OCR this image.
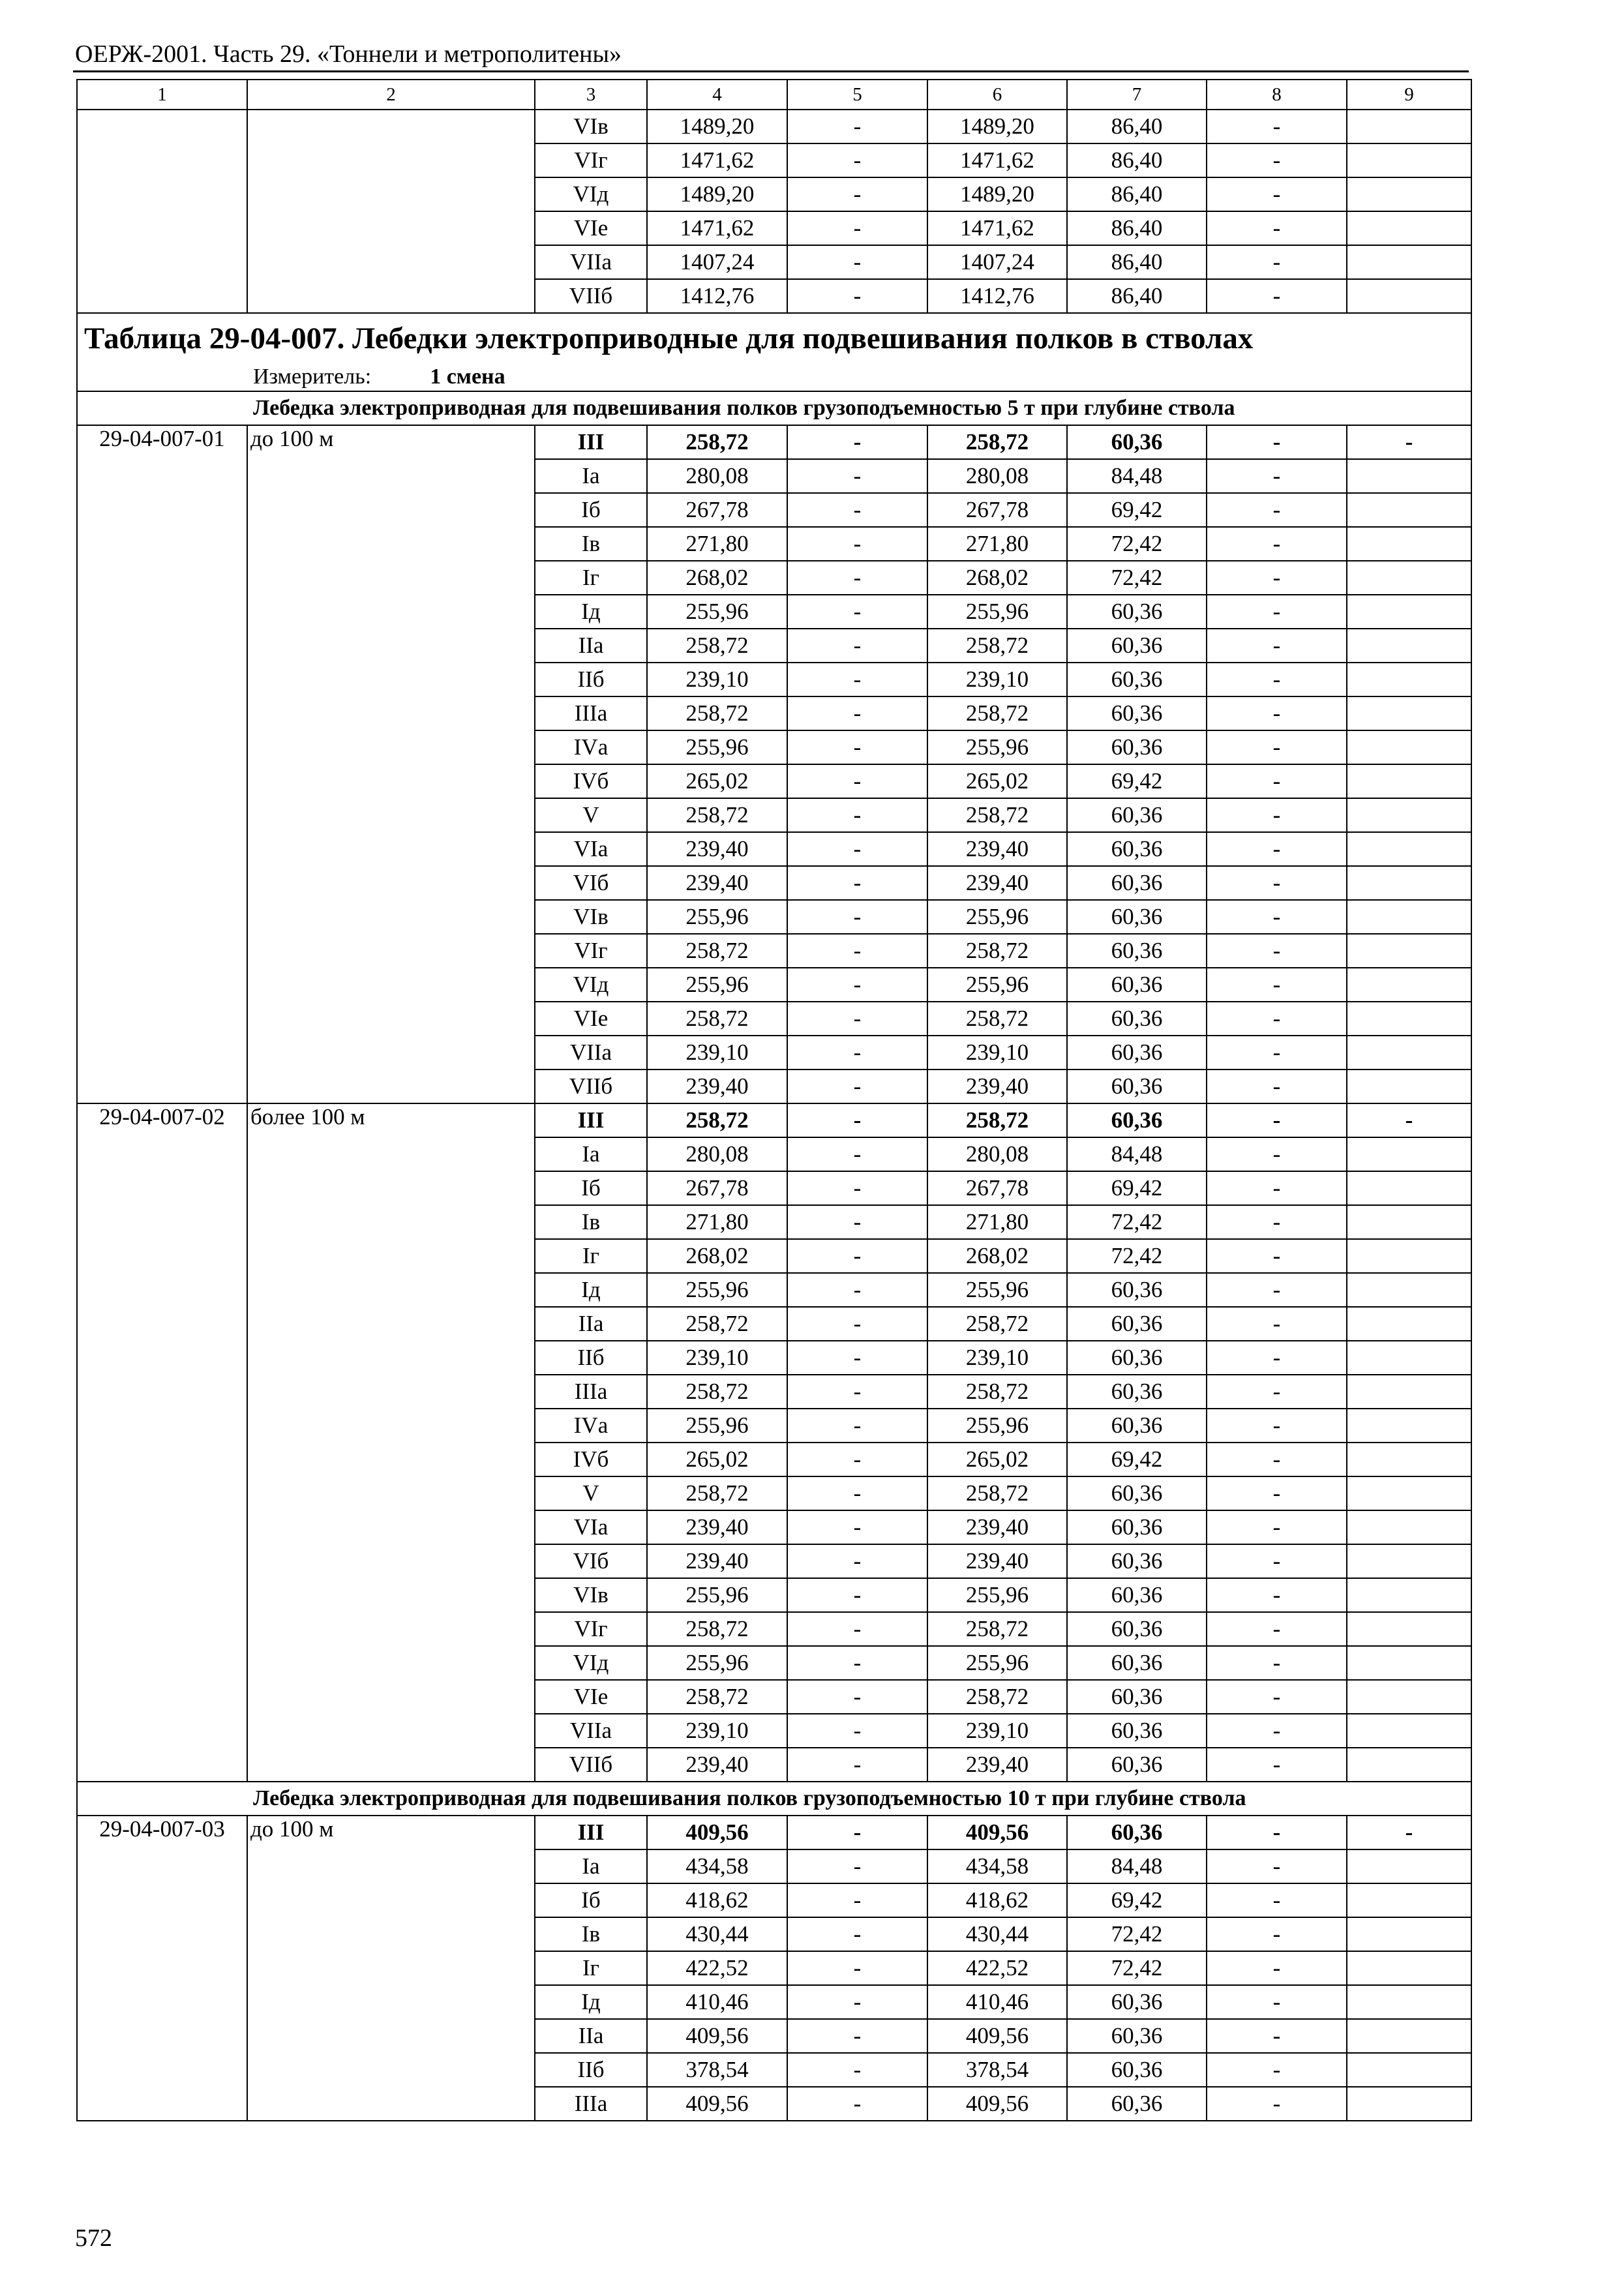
ОЕРЖ-2001. Часть 29. «Тоннели и метрополитены»
1	2	3	4	5	6	7	8	9
		VIв	1489,20	-	1489,20	86,40	-	
		VIг	1471,62	-	1471,62	86,40	-	
		VIд	1489,20	-	1489,20	86,40	-	
		VIе	1471,62	-	1471,62	86,40	-	
		VIIа	1407,24	-	1407,24	86,40	-	
		VIIб	1412,76	-	1412,76	86,40	-	
Таблица 29-04-007. Лебедки электроприводные для подвешивания полков в стволах								
Измеритель: 1 смена								
Лебедка электроприводная для подвешивания полков грузоподъемностью 5 т при глубине ствола								
29-04-007-01	до 100 м	III	258,72	-	258,72	60,36	-	-
		Iа	280,08	-	280,08	84,48	-	
		Iб	267,78	-	267,78	69,42	-	
		Iв	271,80	-	271,80	72,42	-	
		Iг	268,02	-	268,02	72,42	-	
		Iд	255,96	-	255,96	60,36	-	
		IIа	258,72	-	258,72	60,36	-	
		IIб	239,10	-	239,10	60,36	-	
		IIIа	258,72	-	258,72	60,36	-	
		IVа	255,96	-	255,96	60,36	-	
		IVб	265,02	-	265,02	69,42	-	
		V	258,72	-	258,72	60,36	-	
		VIа	239,40	-	239,40	60,36	-	
		VIб	239,40	-	239,40	60,36	-	
		VIв	255,96	-	255,96	60,36	-	
		VIг	258,72	-	258,72	60,36	-	
		VIд	255,96	-	255,96	60,36	-	
		VIе	258,72	-	258,72	60,36	-	
		VIIа	239,10	-	239,10	60,36	-	
		VIIб	239,40	-	239,40	60,36	-	
29-04-007-02	более 100 м	III	258,72	-	258,72	60,36	-	-
		Iа	280,08	-	280,08	84,48	-	
		Iб	267,78	-	267,78	69,42	-	
		Iв	271,80	-	271,80	72,42	-	
		Iг	268,02	-	268,02	72,42	-	
		Iд	255,96	-	255,96	60,36	-	
		IIа	258,72	-	258,72	60,36	-	
		IIб	239,10	-	239,10	60,36	-	
		IIIа	258,72	-	258,72	60,36	-	
		IVа	255,96	-	255,96	60,36	-	
		IVб	265,02	-	265,02	69,42	-	
		V	258,72	-	258,72	60,36	-	
		VIа	239,40	-	239,40	60,36	-	
		VIб	239,40	-	239,40	60,36	-	
		VIв	255,96	-	255,96	60,36	-	
		VIг	258,72	-	258,72	60,36	-	
		VIд	255,96	-	255,96	60,36	-	
		VIе	258,72	-	258,72	60,36	-	
		VIIа	239,10	-	239,10	60,36	-	
		VIIб	239,40	-	239,40	60,36	-	
Лебедка электроприводная для подвешивания полков грузоподъемностью 10 т при глубине ствола								
29-04-007-03	до 100 м	III	409,56	-	409,56	60,36	-	-
		Iа	434,58	-	434,58	84,48	-	
		Iб	418,62	-	418,62	69,42	-	
		Iв	430,44	-	430,44	72,42	-	
		Iг	422,52	-	422,52	72,42	-	
		Iд	410,46	-	410,46	60,36	-	
		IIа	409,56	-	409,56	60,36	-	
		IIб	378,54	-	378,54	60,36	-	
		IIIа	409,56	-	409,56	60,36	-	
572
